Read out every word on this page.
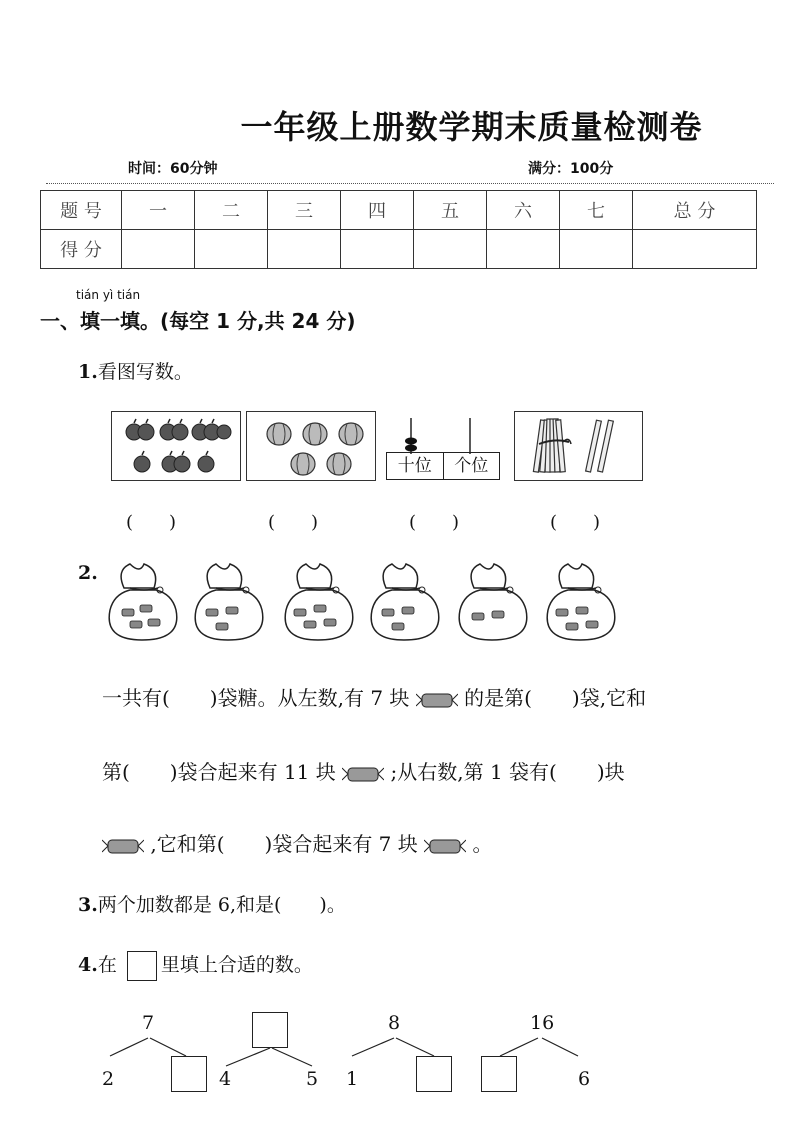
一年级上册数学期末质量检测卷
时间：60分钟	满分：100分
题 号	一	二	三	四	五	六	七	总 分
得 分								
tián yì tián
一、填一填。(每空 1 分,共 24 分)
1.看图写数。
十位	个位
(　　)	(　　)	(　　)	(　　)
2.
一共有(　　)袋糖。从左数,有 7 块	的是第(　　)袋,它和
第(　　)袋合起来有 11 块	;从右数,第 1 袋有(　　)块
,它和第(　　)袋合起来有 7 块	。
3.两个加数都是 6,和是(　　)。
4.在 里填上合适的数。
7
2	4	5
8
1
16
6
